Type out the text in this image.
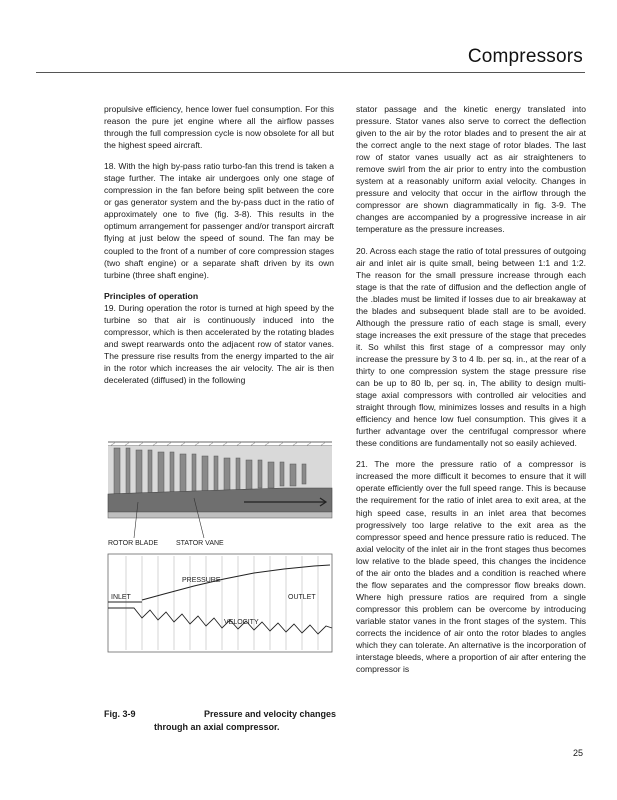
Compressors

propulsive efficiency, hence lower fuel consumption. For this reason the pure jet engine where all the airflow passes through the full compression cycle is now obsolete for all but the highest speed aircraft.

18. With the high by-pass ratio turbo-fan this trend is taken a stage further. The intake air undergoes only one stage of compression in the fan before being split between the core or gas generator system and the by-pass duct in the ratio of approximately one to five (fig. 3-8). This results in the optimum arrangement for passenger and/or transport aircraft flying at just below the speed of sound. The fan may be coupled to the front of a number of core compression stages (two shaft engine) or a separate shaft driven by its own turbine (three shaft engine).

Principles of operation

19. During operation the rotor is turned at high speed by the turbine so that air is continuously induced into the compressor, which is then accelerated by the rotating blades and swept rearwards onto the adjacent row of stator vanes. The pressure rise results from the energy imparted to the air in the rotor which increases the air velocity. The air is then decelerated (diffused) in the following

stator passage and the kinetic energy translated into pressure. Stator vanes also serve to correct the deflection given to the air by the rotor blades and to present the air at the correct angle to the next stage of rotor blades. The last row of stator vanes usually act as air straighteners to remove swirl from the air prior to entry into the combustion system at a reasonably uniform axial velocity. Changes in pressure and velocity that occur in the airflow through the compressor are shown diagrammatically in fig. 3-9. The changes are accompanied by a progressive increase in air temperature as the pressure increases.

20. Across each stage the ratio of total pressures of outgoing air and inlet air is quite small, being between 1:1 and 1:2. The reason for the small pressure increase through each stage is that the rate of diffusion and the deflection angle of the .blades must be limited if losses due to air breakaway at the blades and subsequent blade stall are to be avoided. Although the pressure ratio of each stage is small, every stage increases the exit pressure of the stage that precedes it. So whilst this first stage of a compressor may only increase the pressure by 3 to 4 lb. per sq. in., at the rear of a thirty to one compression system the stage pressure rise can be up to 80 lb, per sq. in, The ability to design multi-stage axial compressors with controlled air velocities and straight through flow, minimizes losses and results in a high efficiency and hence low fuel consumption. This gives it a further advantage over the centrifugal compressor where these conditions are fundamentally not so easily achieved.

21. The more the pressure ratio of a compressor is increased the more difficult it becomes to ensure that it will operate efficiently over the full speed range. This is because the requirement for the ratio of inlet area to exit area, at the high speed case, results in an inlet area that becomes progressively too large relative to the exit area as the compressor speed and hence pressure ratio is reduced. The axial velocity of the inlet air in the front stages thus becomes low relative to the blade speed, this changes the incidence of the air onto the blades and a condition is reached where the flow separates and the compressor flow breaks down. Where high pressure ratios are required from a single compressor this problem can be overcome by introducing variable stator vanes in the front stages of the system. This corrects the incidence of air onto the rotor blades to angles which they can tolerate. An alternative is the incorporation of interstage bleeds, where a proportion of air after entering the compressor is

ROTOR BLADE	STATOR VANE
PRESSURE
INLET	OUTLET
VELOCITY
Fig. 3-9	Pressure and velocity changes
through an axial compressor.
25
